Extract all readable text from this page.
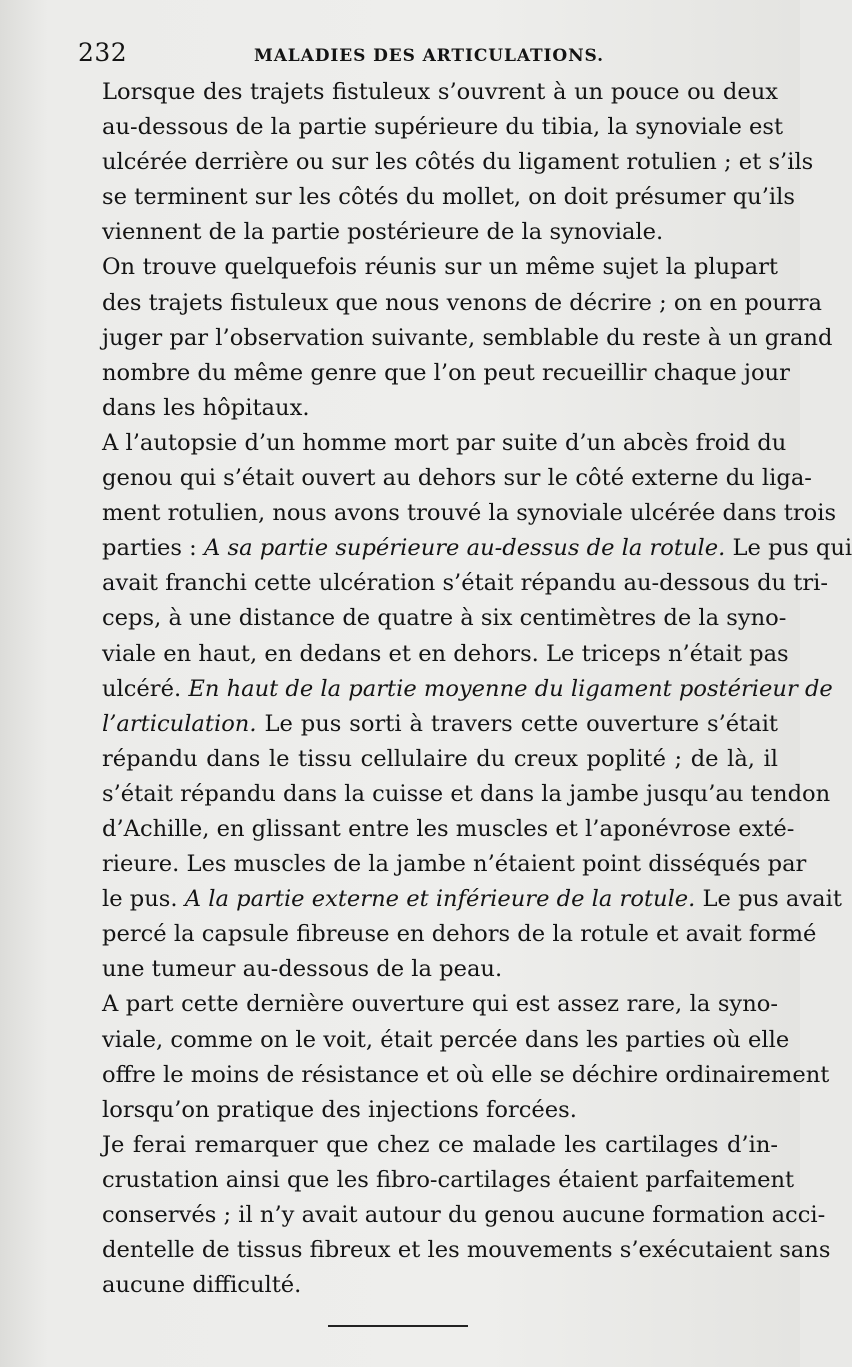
232	MALADIES DES ARTICULATIONS.

Lorsque des trajets fistuleux s’ouvrent à un pouce ou deux
au-dessous de la partie supérieure du tibia, la synoviale est
ulcérée derrière ou sur les côtés du ligament rotulien ; et s’ils
se terminent sur les côtés du mollet, on doit présumer qu’ils
viennent de la partie postérieure de la synoviale.

On trouve quelquefois réunis sur un même sujet la plupart
des trajets fistuleux que nous venons de décrire ; on en pourra
juger par l’observation suivante, semblable du reste à un grand
nombre du même genre que l’on peut recueillir chaque jour
dans les hôpitaux.

A l’autopsie d’un homme mort par suite d’un abcès froid du
genou qui s’était ouvert au dehors sur le côté externe du liga-
ment rotulien, nous avons trouvé la synoviale ulcérée dans trois
parties : A sa partie supérieure au-dessus de la rotule. Le pus qui
avait franchi cette ulcération s’était répandu au-dessous du tri-
ceps, à une distance de quatre à six centimètres de la syno-
viale en haut, en dedans et en dehors. Le triceps n’était pas
ulcéré. En haut de la partie moyenne du ligament postérieur de
l’articulation. Le pus sorti à travers cette ouverture s’était
répandu dans le tissu cellulaire du creux poplité ; de là, il
s’était répandu dans la cuisse et dans la jambe jusqu’au tendon
d’Achille, en glissant entre les muscles et l’aponévrose exté-
rieure. Les muscles de la jambe n’étaient point disséqués par
le pus. A la partie externe et inférieure de la rotule. Le pus avait
percé la capsule fibreuse en dehors de la rotule et avait formé
une tumeur au-dessous de la peau.

A part cette dernière ouverture qui est assez rare, la syno-
viale, comme on le voit, était percée dans les parties où elle
offre le moins de résistance et où elle se déchire ordinairement
lorsqu’on pratique des injections forcées.

Je ferai remarquer que chez ce malade les cartilages d’in-
crustation ainsi que les fibro-cartilages étaient parfaitement
conservés ; il n’y avait autour du genou aucune formation acci-
dentelle de tissus fibreux et les mouvements s’exécutaient sans
aucune difficulté.
